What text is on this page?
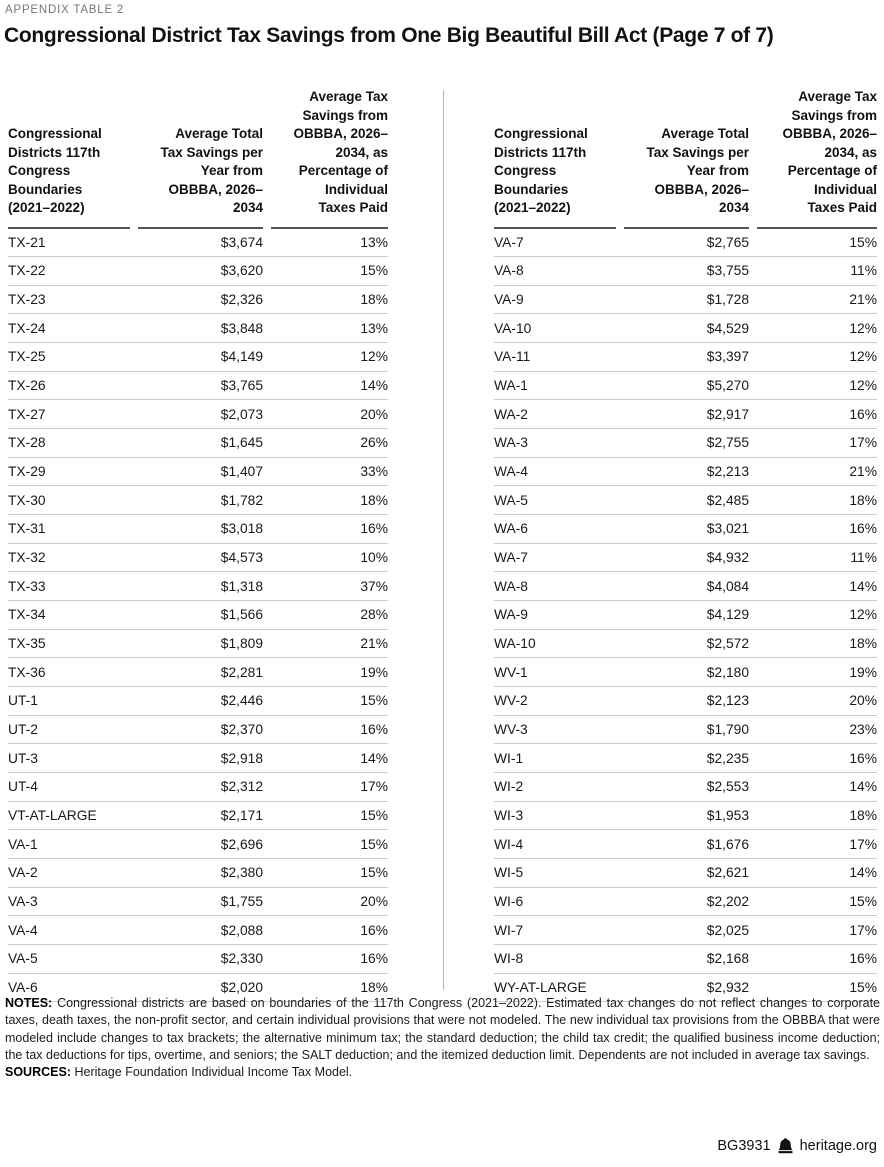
APPENDIX TABLE 2
Congressional District Tax Savings from One Big Beautiful Bill Act (Page 7 of 7)
Congressional Districts 117th Congress Boundaries (2021–2022)
Average Total Tax Savings per Year from OBBBA, 2026–2034
Average Tax Savings from OBBBA, 2026–2034, as Percentage of Individual Taxes Paid
TX-21	$3,674	13%
TX-22	$3,620	15%
TX-23	$2,326	18%
TX-24	$3,848	13%
TX-25	$4,149	12%
TX-26	$3,765	14%
TX-27	$2,073	20%
TX-28	$1,645	26%
TX-29	$1,407	33%
TX-30	$1,782	18%
TX-31	$3,018	16%
TX-32	$4,573	10%
TX-33	$1,318	37%
TX-34	$1,566	28%
TX-35	$1,809	21%
TX-36	$2,281	19%
UT-1	$2,446	15%
UT-2	$2,370	16%
UT-3	$2,918	14%
UT-4	$2,312	17%
VT-AT-LARGE	$2,171	15%
VA-1	$2,696	15%
VA-2	$2,380	15%
VA-3	$1,755	20%
VA-4	$2,088	16%
VA-5	$2,330	16%
VA-6	$2,020	18%
Congressional Districts 117th Congress Boundaries (2021–2022)
Average Total Tax Savings per Year from OBBBA, 2026–2034
Average Tax Savings from OBBBA, 2026–2034, as Percentage of Individual Taxes Paid
VA-7	$2,765	15%
VA-8	$3,755	11%
VA-9	$1,728	21%
VA-10	$4,529	12%
VA-11	$3,397	12%
WA-1	$5,270	12%
WA-2	$2,917	16%
WA-3	$2,755	17%
WA-4	$2,213	21%
WA-5	$2,485	18%
WA-6	$3,021	16%
WA-7	$4,932	11%
WA-8	$4,084	14%
WA-9	$4,129	12%
WA-10	$2,572	18%
WV-1	$2,180	19%
WV-2	$2,123	20%
WV-3	$1,790	23%
WI-1	$2,235	16%
WI-2	$2,553	14%
WI-3	$1,953	18%
WI-4	$1,676	17%
WI-5	$2,621	14%
WI-6	$2,202	15%
WI-7	$2,025	17%
WI-8	$2,168	16%
WY-AT-LARGE	$2,932	15%

NOTES: Congressional districts are based on boundaries of the 117th Congress (2021–2022). Estimated tax changes do not reflect changes to corporate taxes, death taxes, the non-profit sector, and certain individual provisions that were not modeled. The new individual tax provisions from the OBBBA that were modeled include changes to tax brackets; the alternative minimum tax; the standard deduction; the child tax credit; the qualified business income deduction; the tax deductions for tips, overtime, and seniors; the SALT deduction; and the itemized deduction limit. Dependents are not included in average tax savings.

SOURCES: Heritage Foundation Individual Income Tax Model.

BG3931 heritage.org
